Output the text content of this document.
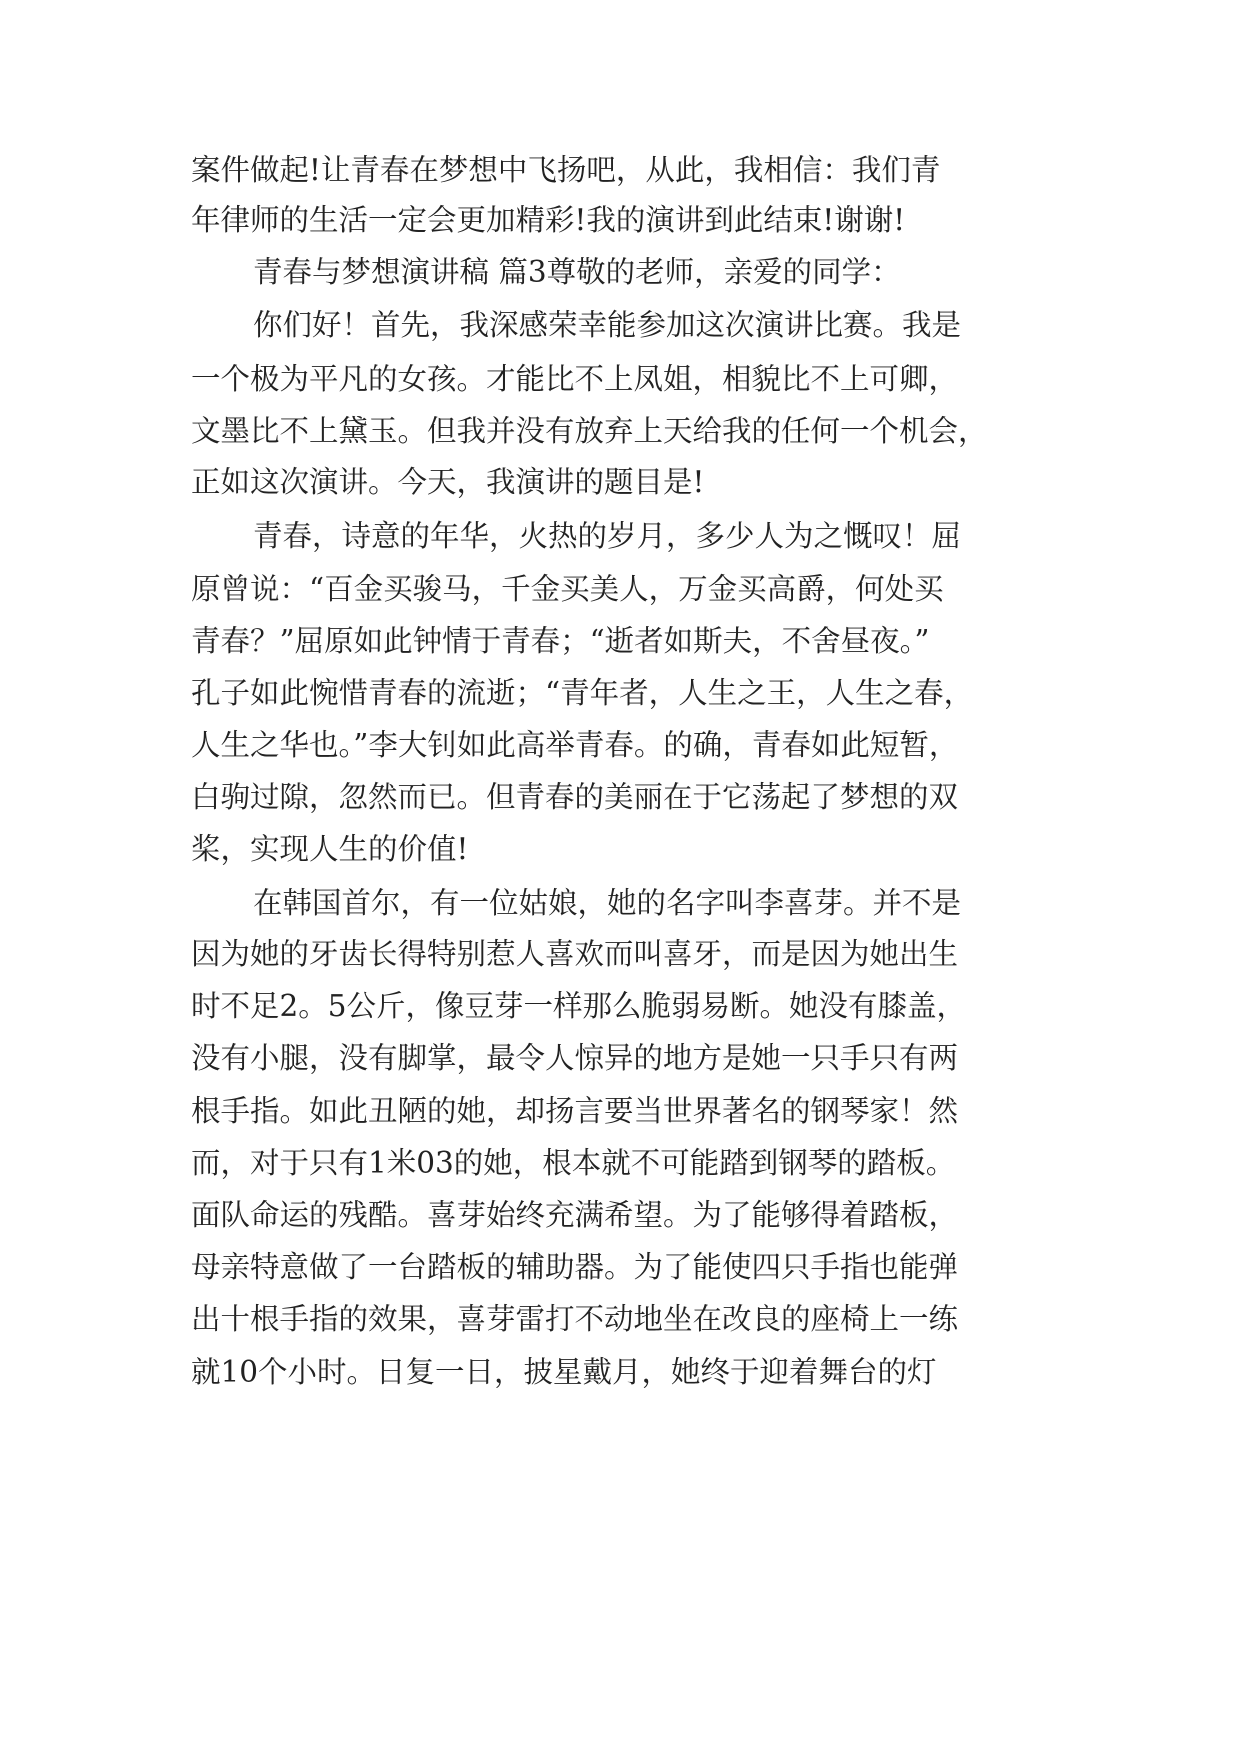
案件做起!让青春在梦想中飞扬吧，从此，我相信：我们青
年律师的生活一定会更加精彩!我的演讲到此结束!谢谢!
青春与梦想演讲稿 篇3尊敬的老师，亲爱的同学：
你们好！首先，我深感荣幸能参加这次演讲比赛。我是
一个极为平凡的女孩。才能比不上凤姐，相貌比不上可卿，
文墨比不上黛玉。但我并没有放弃上天给我的任何一个机会，
正如这次演讲。今天，我演讲的题目是!
青春，诗意的年华，火热的岁月，多少人为之慨叹！屈
原曾说：“百金买骏马，千金买美人，万金买高爵，何处买
青春？”屈原如此钟情于青春；“逝者如斯夫，不舍昼夜。”
孔子如此惋惜青春的流逝；“青年者，人生之王，人生之春，
人生之华也。”李大钊如此高举青春。的确，青春如此短暂，
白驹过隙，忽然而已。但青春的美丽在于它荡起了梦想的双
桨，实现人生的价值!
在韩国首尔，有一位姑娘，她的名字叫李喜芽。并不是
因为她的牙齿长得特别惹人喜欢而叫喜牙，而是因为她出生
时不足2。5公斤，像豆芽一样那么脆弱易断。她没有膝盖，
没有小腿，没有脚掌，最令人惊异的地方是她一只手只有两
根手指。如此丑陋的她，却扬言要当世界著名的钢琴家！然
而，对于只有1米03的她，根本就不可能踏到钢琴的踏板。
面队命运的残酷。喜芽始终充满希望。为了能够得着踏板，
母亲特意做了一台踏板的辅助器。为了能使四只手指也能弹
出十根手指的效果，喜芽雷打不动地坐在改良的座椅上一练
就10个小时。日复一日，披星戴月，她终于迎着舞台的灯
